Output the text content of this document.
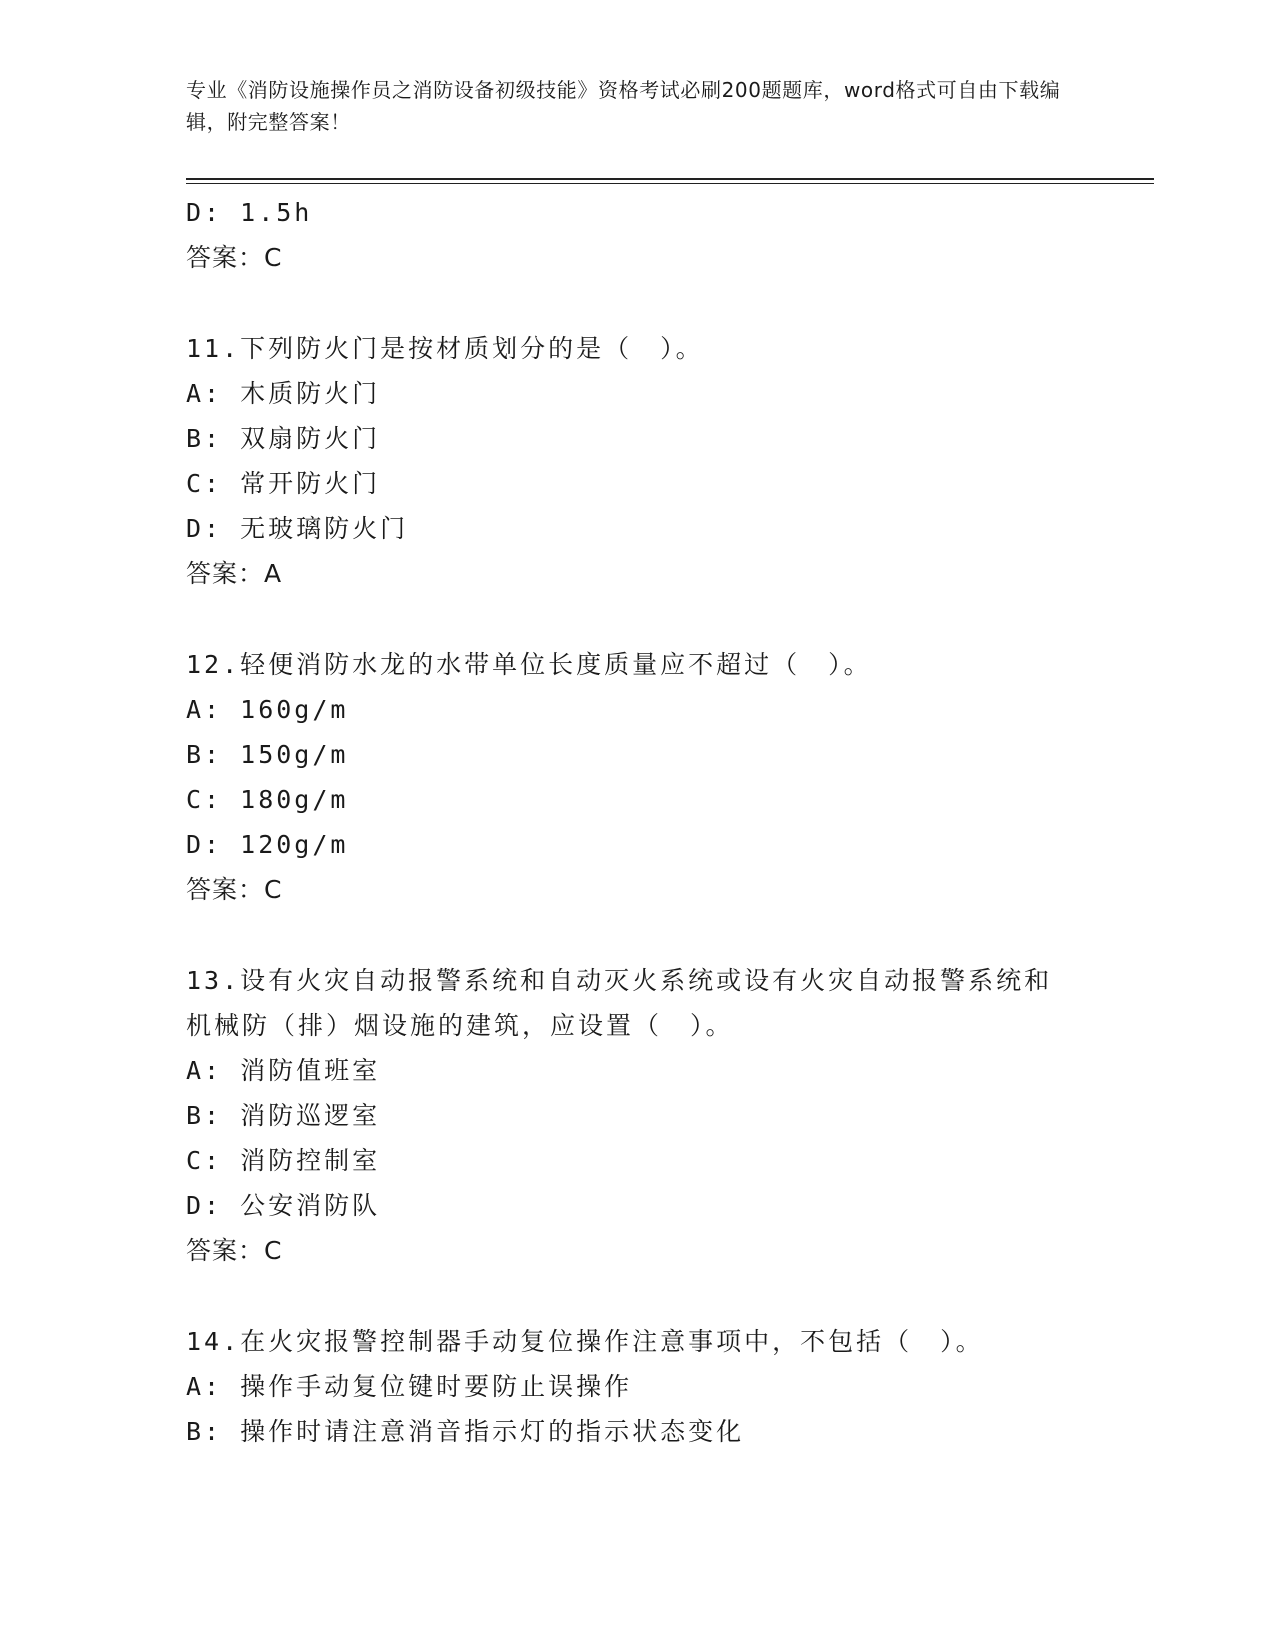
专业《消防设施操作员之消防设备初级技能》资格考试必刷200题题库，word格式可自由下载编辑，附完整答案！
D: 1.5h
答案：C
11.下列防火门是按材质划分的是（　）。
A: 木质防火门
B: 双扇防火门
C: 常开防火门
D: 无玻璃防火门
答案：A
12.轻便消防水龙的水带单位长度质量应不超过（　）。
A: 160g/m
B: 150g/m
C: 180g/m
D: 120g/m
答案：C
13.设有火灾自动报警系统和自动灭火系统或设有火灾自动报警系统和
机械防（排）烟设施的建筑，应设置（　）。
A: 消防值班室
B: 消防巡逻室
C: 消防控制室
D: 公安消防队
答案：C
14.在火灾报警控制器手动复位操作注意事项中，不包括（　）。
A: 操作手动复位键时要防止误操作
B: 操作时请注意消音指示灯的指示状态变化
